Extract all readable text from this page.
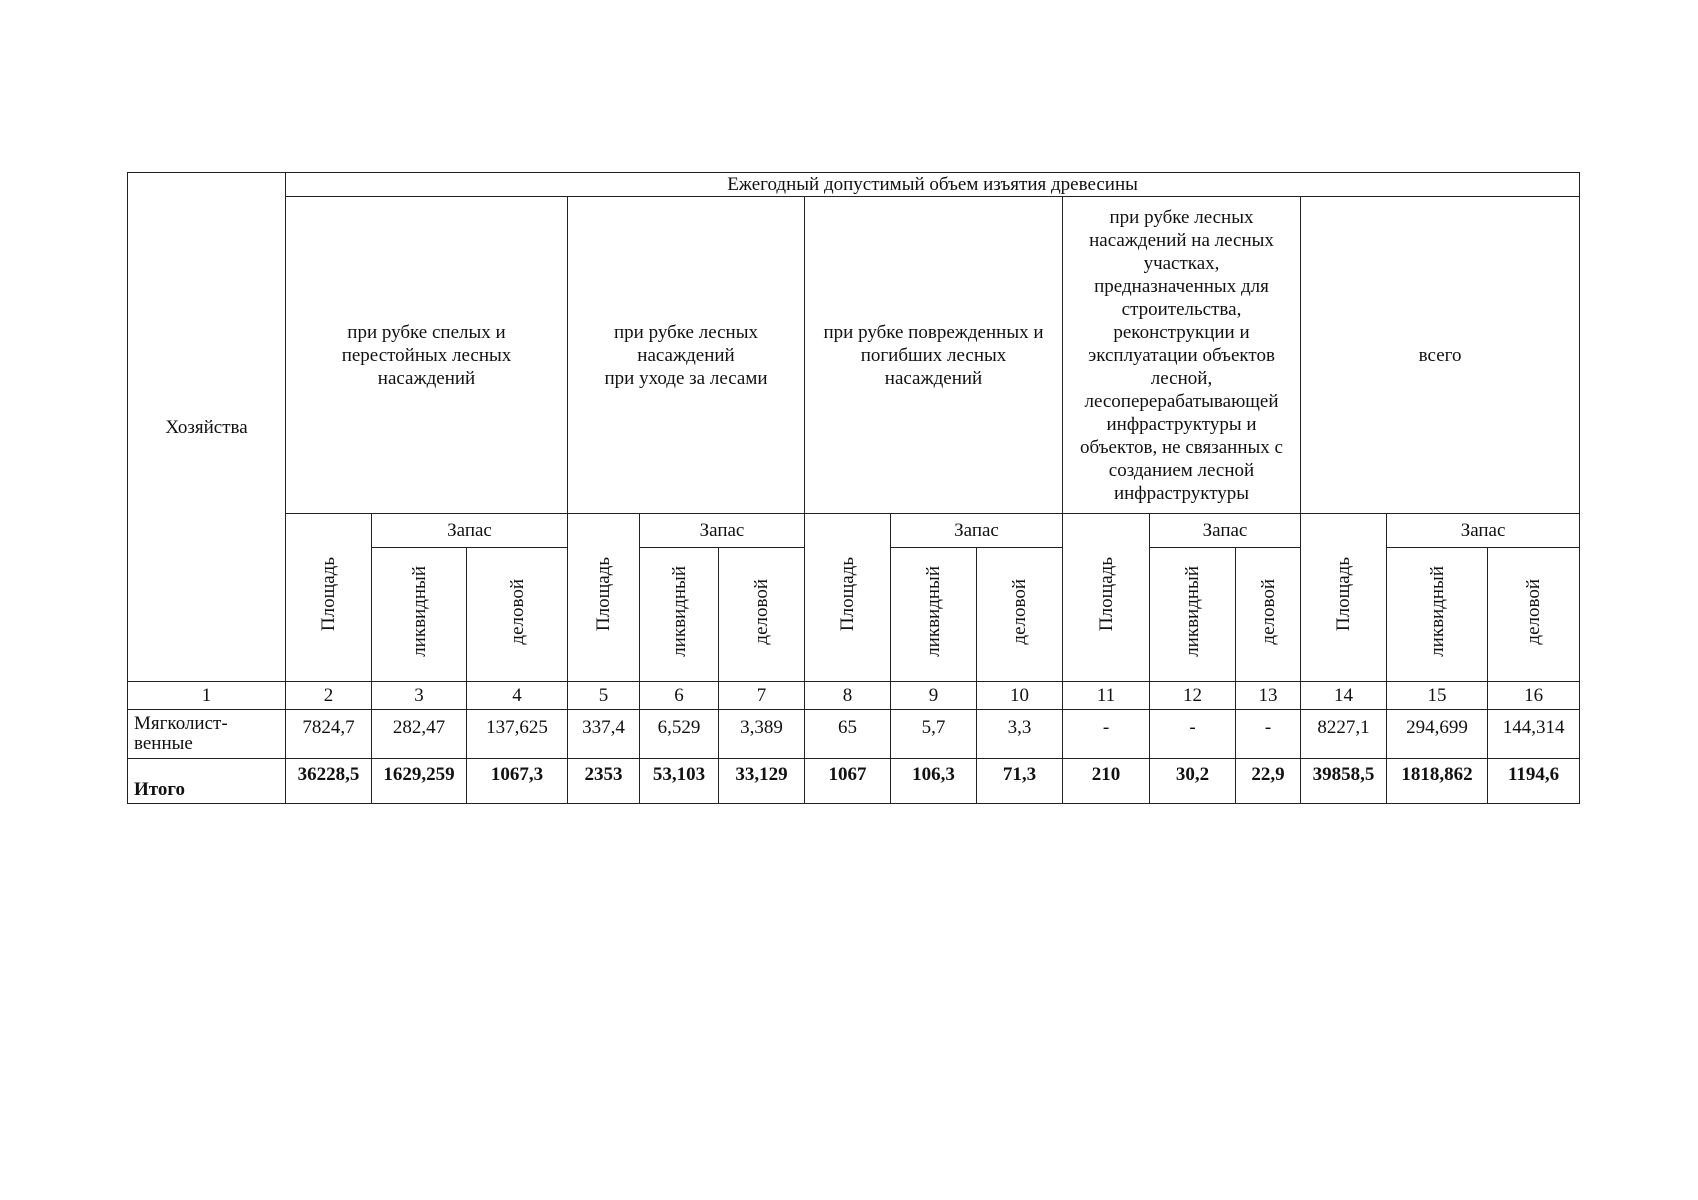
Хозяйства	Ежегодный допустимый объем изъятия древесины														
	при рубке спелых и перестойных лесных насаждений			при рубке лесных насаждений
при уходе за лесами			при рубке поврежденных и погибших лесных насаждений			при рубке лесных насаждений на лесных участках, предназначенных для строительства, реконструкции и эксплуатации объектов лесной, лесоперерабатывающей инфраструктуры и объектов, не связанных с созданием лесной инфраструктуры			всего		
	Площадь	Запас		Площадь	Запас		Площадь	Запас		Площадь	Запас		Площадь	Запас	
		ликвидный	деловой		ликвидный	деловой		ликвидный	деловой		ликвидный	деловой		ликвидный	деловой
1	2	3	4	5	6	7	8	9	10	11	12	13	14	15	16
Мягколист-
венные	7824,7	282,47	137,625	337,4	6,529	3,389	65	5,7	3,3	-	-	-	8227,1	294,699	144,314
Итого	36228,5	1629,259	1067,3	2353	53,103	33,129	1067	106,3	71,3	210	30,2	22,9	39858,5	1818,862	1194,6
